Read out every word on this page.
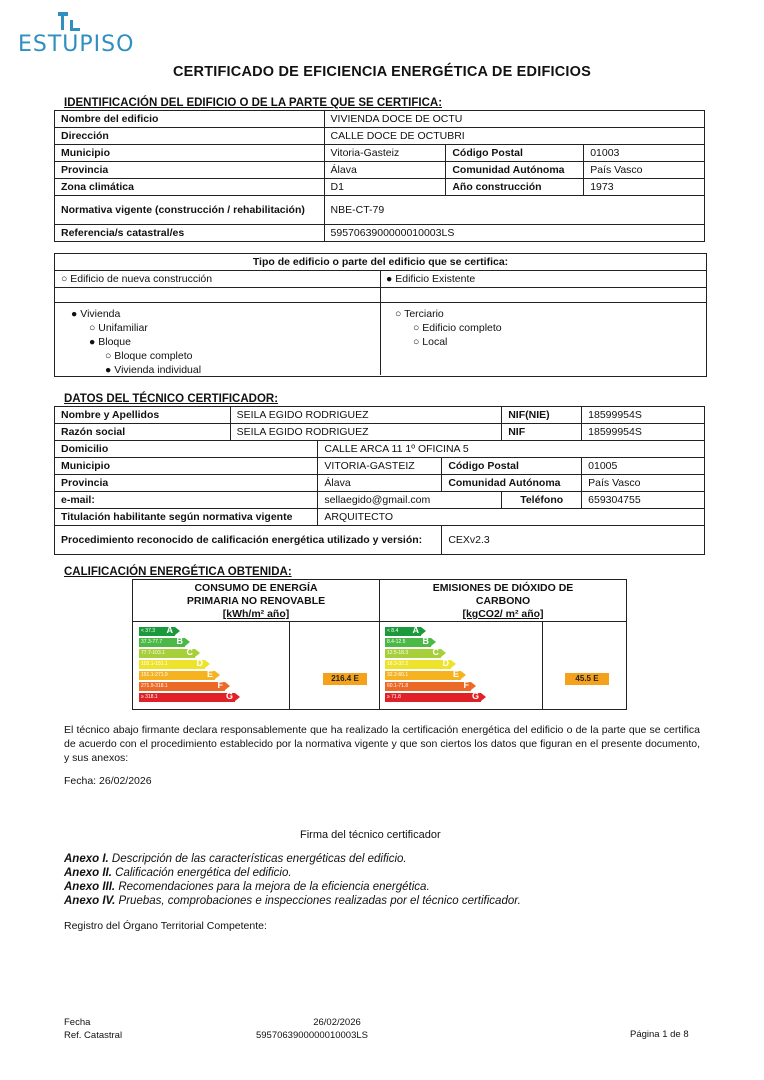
ESTUPISO
CERTIFICADO DE EFICIENCIA ENERGÉTICA DE EDIFICIOS
IDENTIFICACIÓN DEL EDIFICIO O DE LA PARTE QUE SE CERTIFICA:
Nombre del edificio	VIVIENDA DOCE DE OCTU		
Dirección	CALLE DOCE DE OCTUBRI		
Municipio	Vitoria-Gasteiz	Código Postal	01003
Provincia	Álava	Comunidad Autónoma	País Vasco
Zona climática	D1	Año construcción	1973
Normativa vigente (construcción / rehabilitación)	NBE-CT-79		
Referencia/s catastral/es	5957063900000010003LS		
Tipo de edificio o parte del edificio que se certifica:
○ Edificio de nueva construcción	● Edificio Existente
● Vivienda
○ Unifamiliar
● Bloque
○ Bloque completo
● Vivienda individual
○ Terciario
○ Edificio completo
○ Local
DATOS DEL TÉCNICO CERTIFICADOR:
Nombre y Apellidos	SEILA EGIDO RODRIGUEZ			NIF(NIE)	18599954S
Razón social	SEILA EGIDO RODRIGUEZ			NIF	18599954S
Domicilio		CALLE ARCA 11 1º OFICINA 5			
Municipio		VITORIA-GASTEIZ	Código Postal		01005
Provincia		Álava	Comunidad Autónoma		País Vasco
e-mail:		sellaegido@gmail.com		Teléfono	659304755
Titulación habilitante según normativa vigente		ARQUITECTO			
Procedimiento reconocido de calificación energética utilizado y versión:			CEXv2.3		
CALIFICACIÓN ENERGÉTICA OBTENIDA:
CONSUMO DE ENERGÍA
PRIMARIA NO RENOVABLE
[kWh/m² año]
EMISIONES DE DIÓXIDO DE
CARBONO
[kgCO2/ m² año]
< 37.3 A
37.3-77.7 B
77.7-103.1 C
103.1-151.1	D
151.1-271.9	E
271.9-318.1	F
≥ 318.1	G
< 8.4 A
8.4-12.5 B
12.5-18.3	C
18.3-32.2	D
32.2-60.1	E
60.1-71.8	F
≥ 71.8	G
216.4 E	45.5 E
El técnico abajo firmante declara responsablemente que ha realizado la certificación energética del edificio o de la parte que se certifica de acuerdo con el procedimiento establecido por la normativa vigente y que son ciertos los datos que figuran en el presente documento, y sus anexos:
Fecha: 26/02/2026
Firma del técnico certificador
Anexo I. Descripción de las características energéticas del edificio.
Anexo II. Calificación energética del edificio.
Anexo III. Recomendaciones para la mejora de la eficiencia energética.
Anexo IV. Pruebas, comprobaciones e inspecciones realizadas por el técnico certificador.
Registro del Órgano Territorial Competente:
Fecha
Ref. Catastral
26/02/2026
5957063900000010003LS	Página 1 de 8
